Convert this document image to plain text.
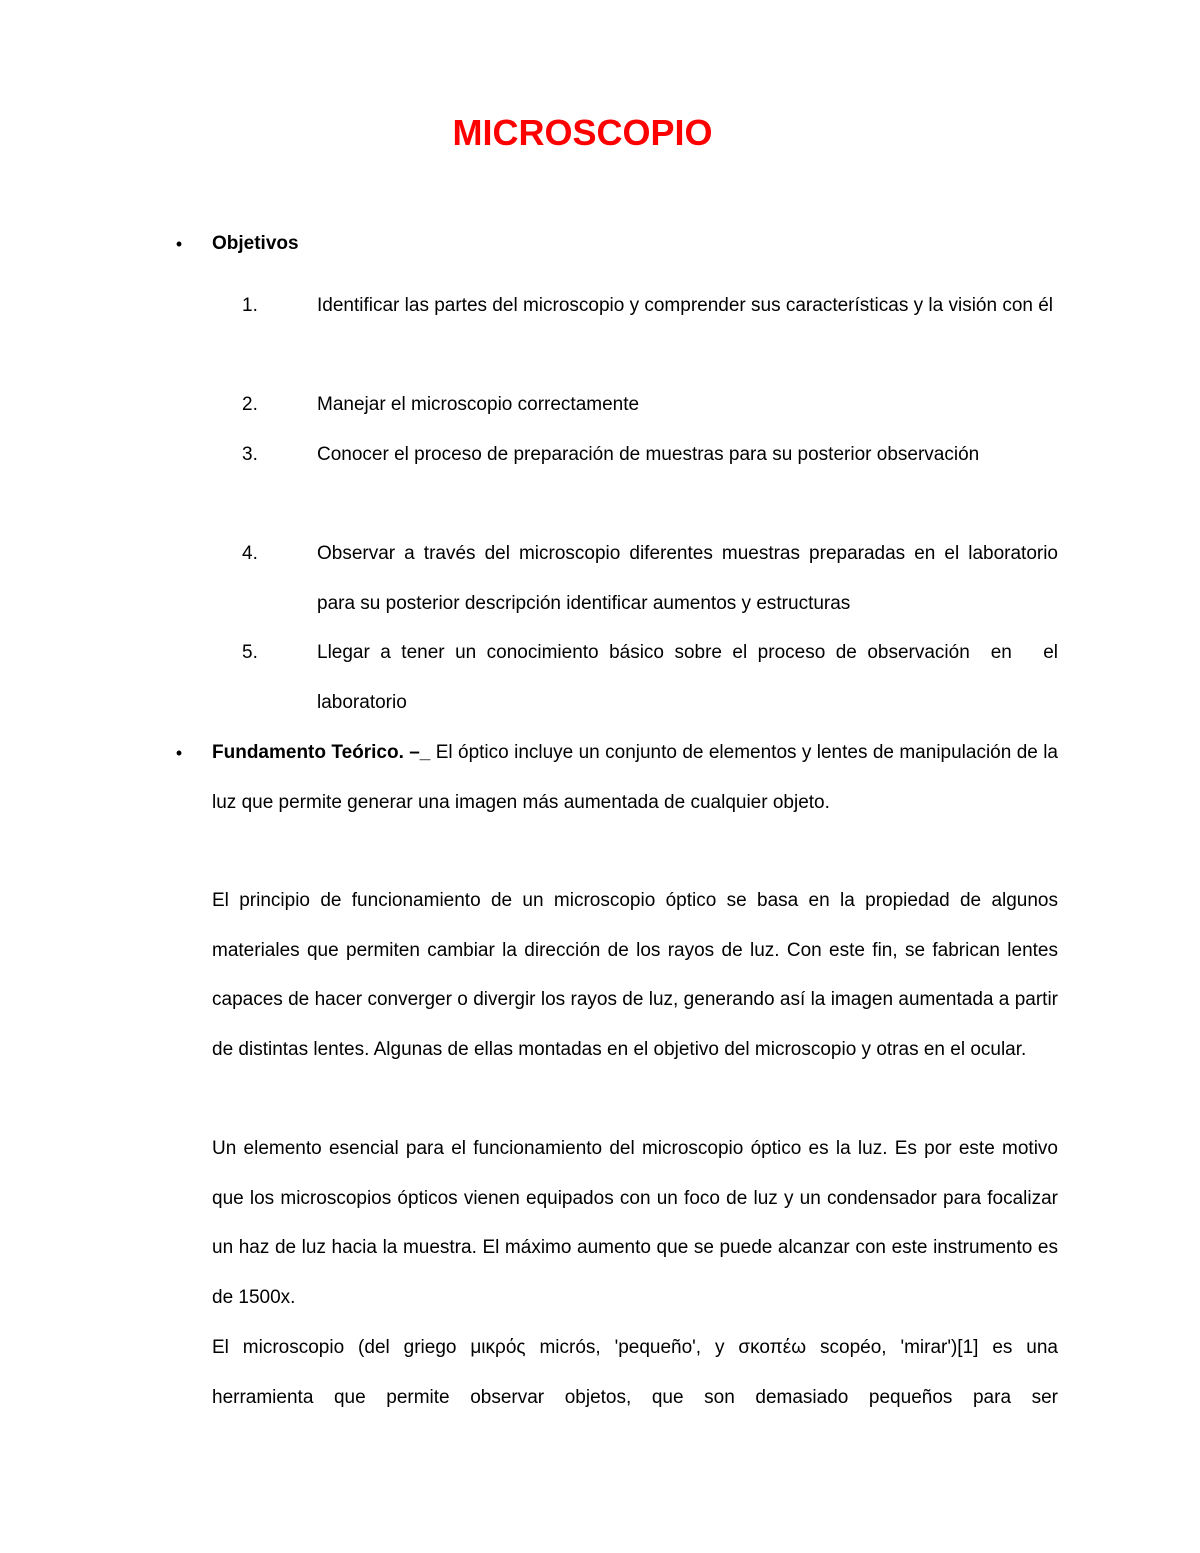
MICROSCOPIO
• Objetivos
1.	Identificar las partes del microscopio y comprender sus características y la visión con él
2.	Manejar el microscopio correctamente
3.	Conocer el proceso de preparación de muestras para su posterior observación
4.	Observar a través del microscopio diferentes muestras preparadas en el laboratorio para su posterior descripción identificar aumentos y estructuras
5.	Llegar a tener un conocimiento básico sobre el proceso de observación  en   el laboratorio
• Fundamento Teórico. –_ El óptico incluye un conjunto de elementos y lentes de manipulación de la luz que permite generar una imagen más aumentada de cualquier objeto.
El principio de funcionamiento de un microscopio óptico se basa en la propiedad de algunos materiales que permiten cambiar la dirección de los rayos de luz. Con este fin, se fabrican lentes capaces de hacer converger o divergir los rayos de luz, generando así la imagen aumentada a partir de distintas lentes. Algunas de ellas montadas en el objetivo del microscopio y otras en el ocular.
Un elemento esencial para el funcionamiento del microscopio óptico es la luz. Es por este motivo que los microscopios ópticos vienen equipados con un foco de luz y un condensador para focalizar un haz de luz hacia la muestra. El máximo aumento que se puede alcanzar con este instrumento es de 1500x.
El microscopio (del griego μικρός micrós, 'pequeño', y σκοπέω scopéo, 'mirar')[1] es una herramienta que permite observar objetos, que son demasiado pequeños para ser
